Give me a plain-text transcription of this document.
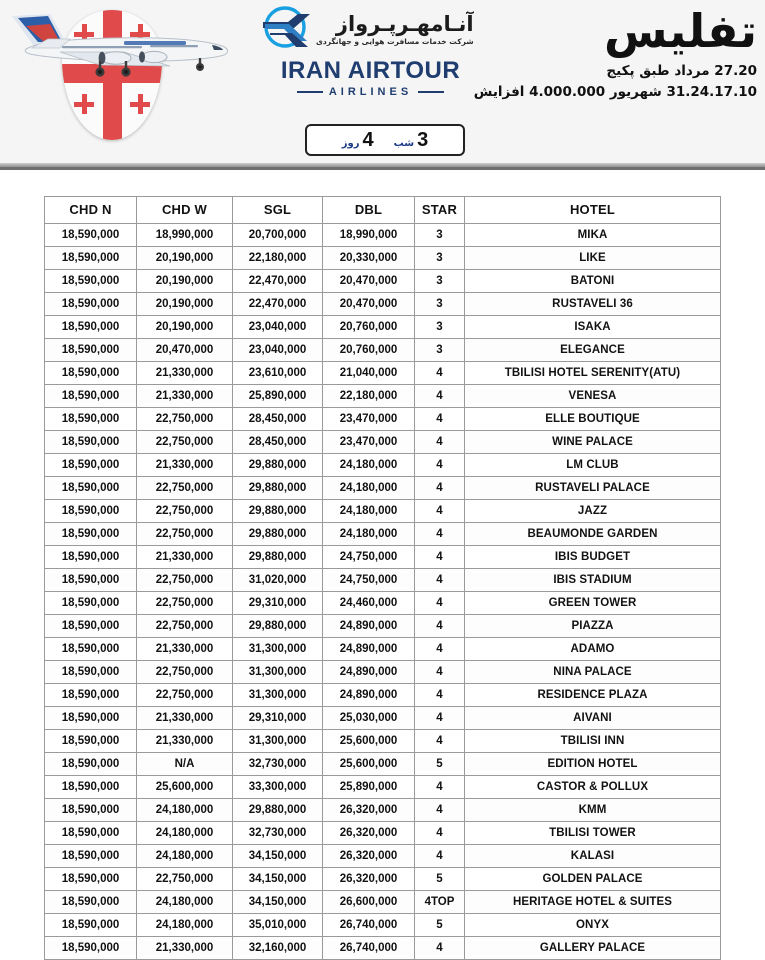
آنـامهـرپـرواز
شرکت خدمات مسافرت هوایی و جهانگردی
IRAN AIRTOUR
AIRLINES
3
شب
4
روز
تفلیس
27.20 مرداد طبق پکیج
31.24.17.10 شهریور 4.000.000 افزایش
CHD N	CHD W	SGL	DBL	STAR	HOTEL
18,590,000	18,990,000	20,700,000	18,990,000	3	MIKA
18,590,000	20,190,000	22,180,000	20,330,000	3	LIKE
18,590,000	20,190,000	22,470,000	20,470,000	3	BATONI
18,590,000	20,190,000	22,470,000	20,470,000	3	RUSTAVELI 36
18,590,000	20,190,000	23,040,000	20,760,000	3	ISAKA
18,590,000	20,470,000	23,040,000	20,760,000	3	ELEGANCE
18,590,000	21,330,000	23,610,000	21,040,000	4	TBILISI HOTEL SERENITY(ATU)
18,590,000	21,330,000	25,890,000	22,180,000	4	VENESA
18,590,000	22,750,000	28,450,000	23,470,000	4	ELLE BOUTIQUE
18,590,000	22,750,000	28,450,000	23,470,000	4	WINE PALACE
18,590,000	21,330,000	29,880,000	24,180,000	4	LM CLUB
18,590,000	22,750,000	29,880,000	24,180,000	4	RUSTAVELI PALACE
18,590,000	22,750,000	29,880,000	24,180,000	4	JAZZ
18,590,000	22,750,000	29,880,000	24,180,000	4	BEAUMONDE GARDEN
18,590,000	21,330,000	29,880,000	24,750,000	4	IBIS BUDGET
18,590,000	22,750,000	31,020,000	24,750,000	4	IBIS STADIUM
18,590,000	22,750,000	29,310,000	24,460,000	4	GREEN TOWER
18,590,000	22,750,000	29,880,000	24,890,000	4	PIAZZA
18,590,000	21,330,000	31,300,000	24,890,000	4	ADAMO
18,590,000	22,750,000	31,300,000	24,890,000	4	NINA PALACE
18,590,000	22,750,000	31,300,000	24,890,000	4	RESIDENCE PLAZA
18,590,000	21,330,000	29,310,000	25,030,000	4	AIVANI
18,590,000	21,330,000	31,300,000	25,600,000	4	TBILISI INN
18,590,000	N/A	32,730,000	25,600,000	5	EDITION HOTEL
18,590,000	25,600,000	33,300,000	25,890,000	4	CASTOR & POLLUX
18,590,000	24,180,000	29,880,000	26,320,000	4	KMM
18,590,000	24,180,000	32,730,000	26,320,000	4	TBILISI TOWER
18,590,000	24,180,000	34,150,000	26,320,000	4	KALASI
18,590,000	22,750,000	34,150,000	26,320,000	5	GOLDEN PALACE
18,590,000	24,180,000	34,150,000	26,600,000	4TOP	HERITAGE HOTEL & SUITES
18,590,000	24,180,000	35,010,000	26,740,000	5	ONYX
18,590,000	21,330,000	32,160,000	26,740,000	4	GALLERY PALACE
